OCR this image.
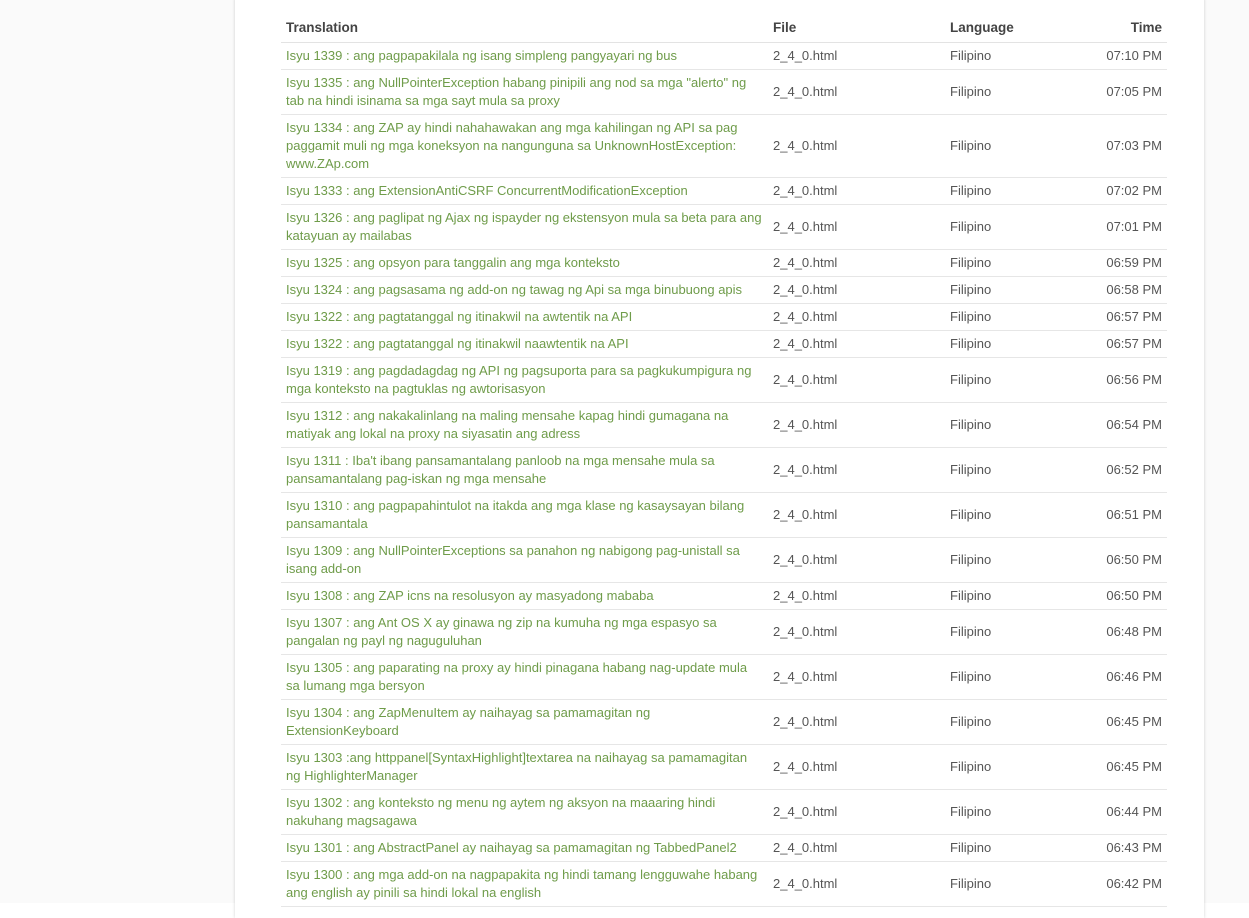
Translation	File	Language	Time
Isyu 1339 : ang pagpapakilala ng isang simpleng pangyayari ng bus	2_4_0.html	Filipino	07:10 PM
Isyu 1335 : ang NullPointerException habang pinipili ang nod sa mga "alerto" ng tab na hindi isinama sa mga sayt mula sa proxy	2_4_0.html	Filipino	07:05 PM
Isyu 1334 : ang ZAP ay hindi nahahawakan ang mga kahilingan ng API sa pag paggamit muli ng mga koneksyon na nangunguna sa UnknownHostException: www.ZAp.com	2_4_0.html	Filipino	07:03 PM
Isyu 1333 : ang ExtensionAntiCSRF ConcurrentModificationException	2_4_0.html	Filipino	07:02 PM
Isyu 1326 : ang paglipat ng Ajax ng ispayder ng ekstensyon mula sa beta para ang katayuan ay mailabas	2_4_0.html	Filipino	07:01 PM
Isyu 1325 : ang opsyon para tanggalin ang mga konteksto	2_4_0.html	Filipino	06:59 PM
Isyu 1324 : ang pagsasama ng add-on ng tawag ng Api sa mga binubuong apis	2_4_0.html	Filipino	06:58 PM
Isyu 1322 : ang pagtatanggal ng itinakwil na awtentik na API	2_4_0.html	Filipino	06:57 PM
Isyu 1322 : ang pagtatanggal ng itinakwil naawtentik na API	2_4_0.html	Filipino	06:57 PM
Isyu 1319 : ang pagdadagdag ng API ng pagsuporta para sa pagkukumpigura ng mga konteksto na pagtuklas ng awtorisasyon	2_4_0.html	Filipino	06:56 PM
Isyu 1312 : ang nakakalinlang na maling mensahe kapag hindi gumagana na matiyak ang lokal na proxy na siyasatin ang adress	2_4_0.html	Filipino	06:54 PM
Isyu 1311 : Iba't ibang pansamantalang panloob na mga mensahe mula sa pansamantalang pag-iskan ng mga mensahe	2_4_0.html	Filipino	06:52 PM
Isyu 1310 : ang pagpapahintulot na itakda ang mga klase ng kasaysayan bilang pansamantala	2_4_0.html	Filipino	06:51 PM
Isyu 1309 : ang NullPointerExceptions sa panahon ng nabigong pag-unistall sa isang add-on	2_4_0.html	Filipino	06:50 PM
Isyu 1308 : ang ZAP icns na resolusyon ay masyadong mababa	2_4_0.html	Filipino	06:50 PM
Isyu 1307 : ang Ant OS X ay ginawa ng zip na kumuha ng mga espasyo sa pangalan ng payl ng naguguluhan	2_4_0.html	Filipino	06:48 PM
Isyu 1305 : ang paparating na proxy ay hindi pinagana habang nag-update mula sa lumang mga bersyon	2_4_0.html	Filipino	06:46 PM
Isyu 1304 : ang ZapMenuItem ay naihayag sa pamamagitan ng ExtensionKeyboard	2_4_0.html	Filipino	06:45 PM
Isyu 1303 :ang httppanel[SyntaxHighlight]textarea na naihayag sa pamamagitan ng HighlighterManager	2_4_0.html	Filipino	06:45 PM
Isyu 1302 : ang konteksto ng menu ng aytem ng aksyon na maaaring hindi nakuhang magsagawa	2_4_0.html	Filipino	06:44 PM
Isyu 1301 : ang AbstractPanel ay naihayag sa pamamagitan ng TabbedPanel2	2_4_0.html	Filipino	06:43 PM
Isyu 1300 : ang mga add-on na nagpapakita ng hindi tamang lengguwahe habang ang english ay pinili sa hindi lokal na english	2_4_0.html	Filipino	06:42 PM
